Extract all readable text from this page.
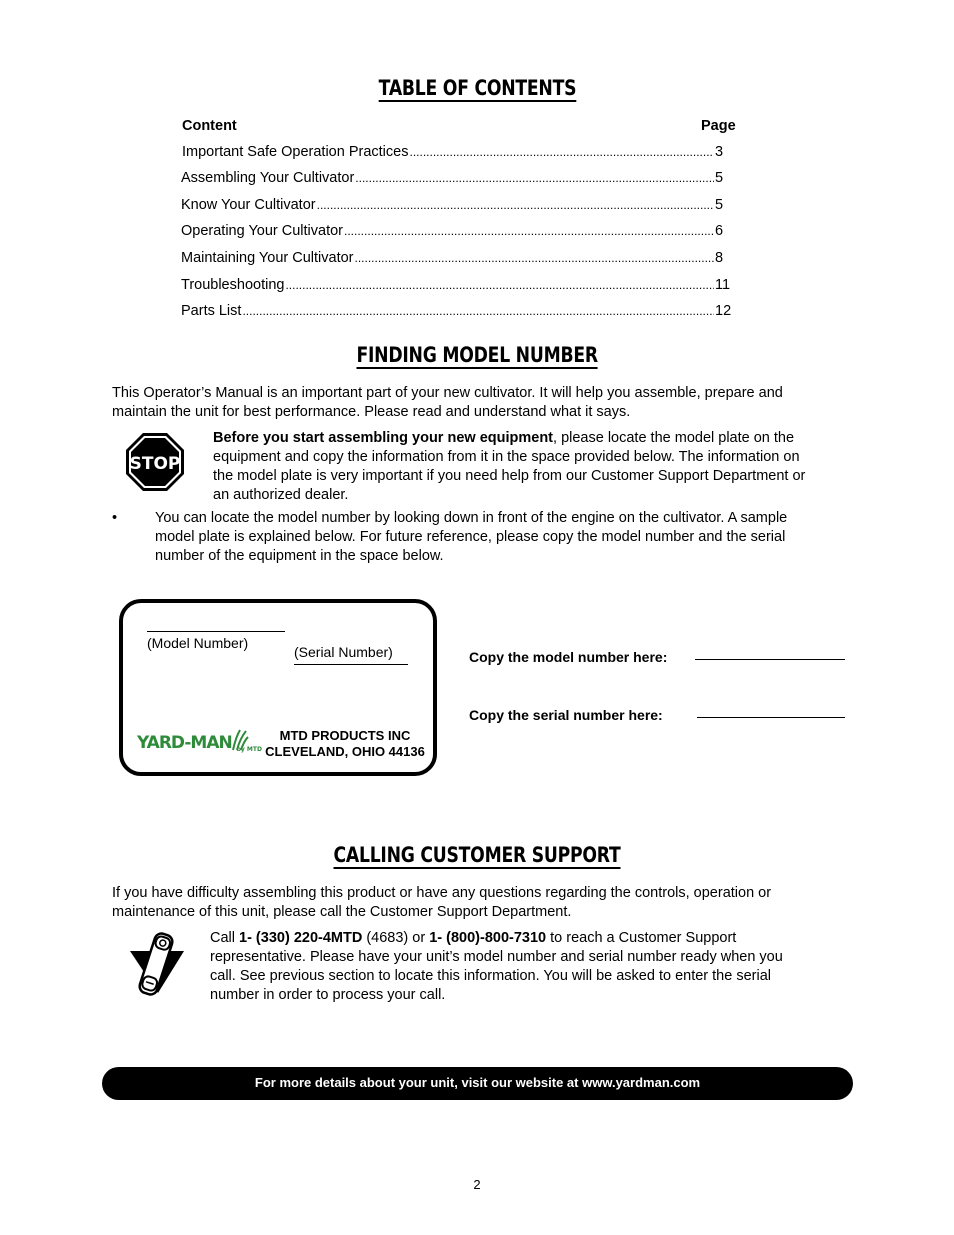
TABLE OF CONTENTS
Content	Page
Important Safe Operation Practices .....	3
Assembling Your Cultivator .....	5
Know Your Cultivator .....	5
Operating Your Cultivator .....	6
Maintaining Your Cultivator .....	8
Troubleshooting .....	11
Parts List .....	12
FINDING MODEL NUMBER
This Operator’s Manual is an important part of your new cultivator. It will help you assemble, prepare and
maintain the unit for best performance. Please read and understand what it says.
STOP
Before you start assembling your new equipment, please locate the model plate on the
equipment and copy the information from it in the space provided below. The information on
the model plate is very important if you need help from our Customer Support Department or
an authorized dealer.
•	You can locate the model number by looking down in front of the engine on the cultivator. A sample
model plate is explained below. For future reference, please copy the model number and the serial
number of the equipment in the space below.
(Model Number)
(Serial Number)
YARD-MAN by MTD
MTD PRODUCTS INC
CLEVELAND, OHIO 44136
Copy the model number here:
Copy the serial number here:
CALLING CUSTOMER SUPPORT
If you have difficulty assembling this product or have any questions regarding the controls, operation or
maintenance of this unit, please call the Customer Support Department.
Call 1- (330) 220-4MTD (4683) or 1- (800)-800-7310 to reach a Customer Support
representative. Please have your unit’s model number and serial number ready when you
call. See previous section to locate this information. You will be asked to enter the serial
number in order to process your call.
For more details about your unit, visit our website at www.yardman.com
2
